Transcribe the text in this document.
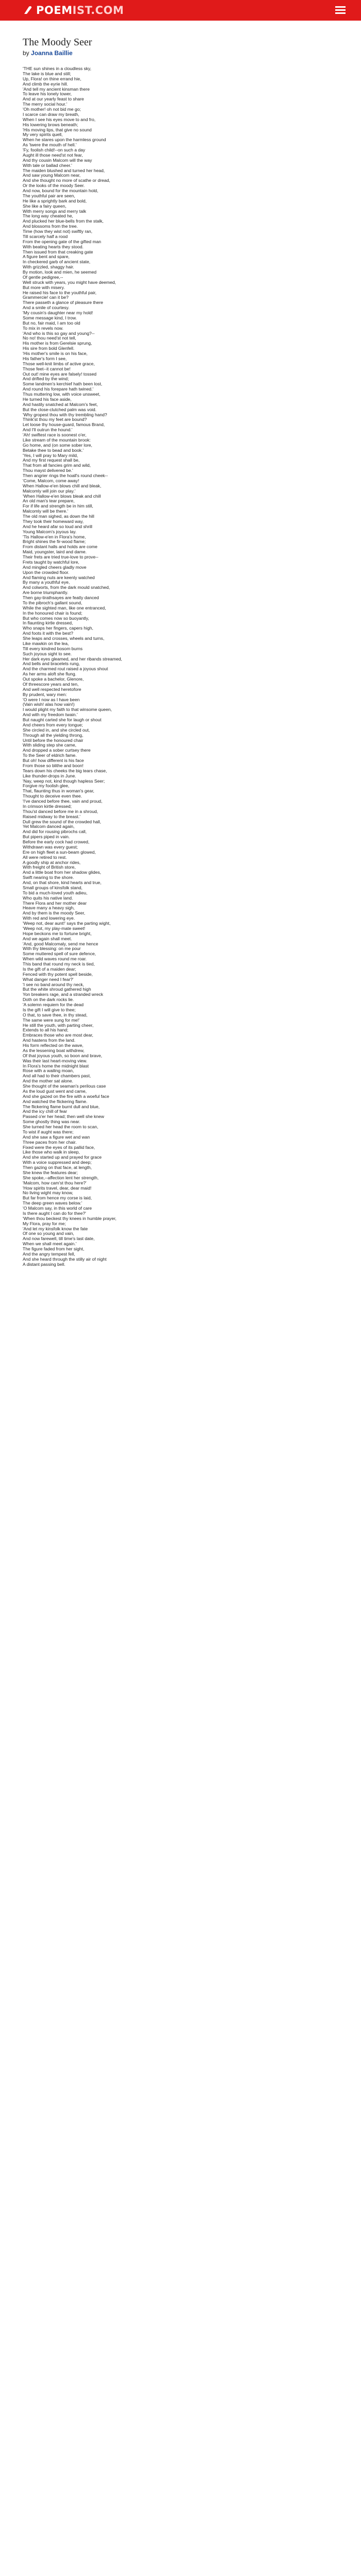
POEM IST.COM
The Moody Seer
by Joanna Baillie
'THE sun shines in a cloudless sky,
The lake is blue and still;
Up, Flora! on thine errand hie,
And climb the eyrie hill.
'And tell my ancient kinsman there
To leave his lonely tower,
And at our yearly feast to share
The merry social hour.'
'Oh mother! oh not bid me go;
I scarce can draw my breath,
When I see his eyes move to and fro,
His lowering brows beneath;
'His moving lips, that give no sound
My very spirits quell,
When he stares upon the harmless ground
As 'twere the mouth of hell.'
'Fy, foolish child!--on such a day
Aught ill those need'st not fear,
And thy cousin Malcom will the way
With tale or ballad cheer.'
The maiden blushed and turned her head,
And saw young Malcom near,
And she thought no more of scathe or dread,
Or the looks of the moody Seer.
And now, bound for the mountain hold,
The youthful pair are seen,
He like a sprightly bark and bold,
She like a fairy queen,
With merry songs and merry talk
The long way cheated he,
And plucked her blue-bells from the stalk,
And blossoms from the tree.
Time (how they wist not) swiftly ran,
Till scarcely half a rood
From the opening gate of the gifted man
With beating hearts they stood.
Then issued from that creaking gate
A figure bent and spare,
In checkered garb of ancient state,
With grizzled, shaggy hair.
By motion, look and mien, he seemed
Of gentle pedigree,--
Well struck with years, you might have deemed,
But more with misery.
He raised his face to the youthful pair,
Grammercie! can it be?
There passeth a glance of pleasure there
And a smile of courtesy.
'My cousin's daughter near my hold!
Some message kind, I trow.
But no, fair maid, I am too old
To mix in revels now.
'And who is this so gay and young?--
No no! thou need'st not tell,
His mother is from Gerelsie sprung,
His sire from bold Glenfell.
'His mother's smile is on his face,
His father's form I see,
Those well-knit limbs of active grace,
Those feet--it cannot be!
Out out! mine eyes are falsely! tossed
And drifted by the wind;
Some landmen's kerchief hath been lost,
And round his forepare hath twined.'
Thus muttering low, with voice unsweet,
He turned his face aside,
And hastily snatched at Malcom's feet,
But the close-clutched palm was void.
'Why gropest thou with thy trembling hand?
Think'st thou my feet are bound?
Let loose thy house-guard, famous Brand,
And I'll outrun the hound.'
'Ah! swiftest race is soonest o'er,
Like stream of the mountain brook:
Go home, and (on some sober lore,
Betake thee to bead and book.'
'Yes, I will pray to Mary mild,
And my first request shall be,
That from all fancies grim and wild,
Thou mayst delivered be.'
Then angrier rings the hoall's round cheek--
'Come, Malcom, come away!
When Hallow-e'en blows chill and bleak,
Malcomly will join our play.'
'When Hallow-e'en blows bleak and chill
An old man's tear prepare,
For if life and strength be in him still,
Malcomly will be there.'
The old man sighed, as down the hill
They took their homeward way,
And he heard afar so loud and shrill
Young Malcom's joyous lay.
'Tis Hallow-e'en in Flora's home,
Bright shines the fir-wood flame;
From distant halls and holds are come
Maid, youngster, laird and dame.
Their frets are tried true-love to prove--
Frets taught by watchful lore,
And mingled cheers gladly move
Upon the crowded floor.
And flaming nuts are keenly watched
By many a youthful eye,
And colworts, from the dark mould snatched,
Are borne triumphantly.
Then gay-tirathsayes are featly danced
To the pibroch's gallant sound,
While the sighted man, like one entranced,
In the honoured chair is found;
But who comes now so buoyantly,
In flaunting kirtle dressed,
Who snaps her fingers, capers high,
And foots it with the best?
She leaps and crosses, wheels and turns,
Like mawkin on the lea,
Till every kindred bosom burns
Such joyous sight to see.
Her dark eyes gleamed, and her ribands streamed,
And bells and bracelets rung,
And the charmed rout raised a joyous shout
As her arms aloft she flung.
Out spoke a bachelor, Glenore,
Of threescore years and ten,
And well respected heretofore
By prudent, wary men:
'O were I now as I have been
(Vain wish! alas how vain!)
I would plight my faith to that winsome queen,
And with my freedom twain.'
But naught carted she for laugh or shout
And cheers from every tongue;
She circled in, and she circled out,
Through all the yielding throng,
Until before the honoured chair
With sliding step she came,
And dropped a sober curtsey there
To the Seer of eldrich fame.
But oh! how different is his face
From those so blithe and boon!
Tears down his cheeks the big tears chase,
Like thunder-drops in June.
'Nay, weep not, kind though hapless Seer;
Forgive my foolish glee,
That, flaunting thus in woman's gear,
Thought to deceive even thee.
'I've danced before thee, vain and proud,
In crimson kirtle dressed;
Thou'st danced before me in a shroud,
Raised midway to the breast.'
Dull grew the sound of the crowded hall,
Yet Malcom danced again,
And did for rousing pibrochs call,
But pipers piped in vain.
Before the early cock had crowed,
Withdrawn was every guest;
Ere on high fleet a sun-beam glowed,
All were retired to rest.
A goodly ship at anchor rides,
With freight of British store,
And a little boat from her shadow glides,
Swift nearing to the shore.
And, on that shore, kind hearts and true,
Small groups of kinsfolk stand,
To bid a much-loved youth adieu,
Who quits his native land.
There Flora and her mother dear
Heave many a heavy sigh,
And by them is the moody Seer,
With red and lowering eye.
'Weep not, dear aunt!' says the parting wight,
'Weep not, my play-mate sweet!
Hope beckons me to fortune bright,
And we again shall meet.
'And, good Malcomaly, send me hence
With thy blessing: on me pour
Some muttered spell of sure defence,
When wild waves round me roar.
This band that round my neck is tied,
Is the gift of a maiden dear;
Fenced with thy potent spell beside,
What danger need I fear?'
'I see no band around thy neck,
But the white shroud gathered high
Yon breakers rage, and a stranded wreck
Doth on the dark rocks lie.
'A solemn requiem for the dead
Is the gift I will give to thee;
O that, to save thee, in thy stead,
The same were sung for me!'
He still the youth, with parting cheer,
Extends to all his hand;
Embraces those who are most dear,
And hastens from the land.
His form reflected on the wave,
As the lessening boat withdrew,
Of that joyous youth, so boon and brave,
Was their last heart-moving view.
In Flora's home the midnight blast
Rose with a wailing moan,
And all had to their chambers past,
And the mother sat alone.
She thought of the seaman's perilous case
As the loud gust went and came,
And she gazed on the fire with a woeful face
And watched the flickering flame.
The flickering flame burnt dull and blue,
And the icy chill of fear
Passed o'er her head; then well she knew
Some ghostly thing was near.
She turned her head the room to scan,
To wist if aught was there;
And she saw a figure wet and wan
Three paces from her chair.
Fixed were the eyes of its pallid face,
Like those who walk in sleep,
And she started up and prayed for grace
With a voice suppressed and deep;
Then gazing on that face, at length,
She knew the features dear;
She spoke,--affection lent her strength,
'Malcom, how cam'st thou here?'
'How spirits travel, dear, dear maid!
No living wight may know,
But far from hence my corse is laid,
The deep green waves below.'
'O Malcom say, in this world of care
Is there aught I can do for thee?'
'When thou beckest thy knees in humble prayer,
My Flora, pray for me;
'And let my kinsfolk know the fate
Of one so young and vain,
And now farewell, till time's last date,
When we shall meet again.'
The figure faded from her sight,
And the angry tempest fell,
And she heard through the stilly air of night
A distant passing bell.
